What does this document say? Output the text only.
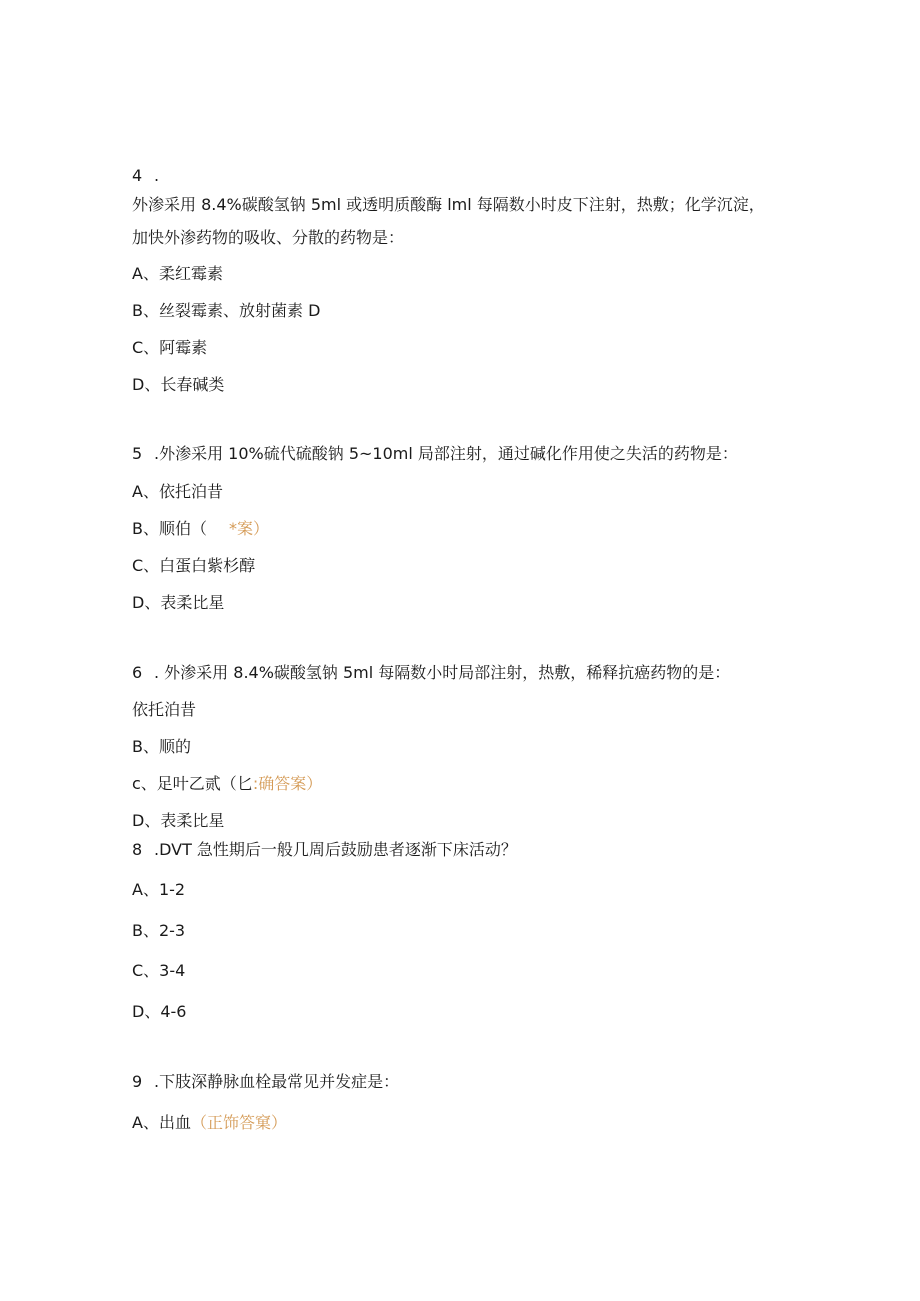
4 .
外渗采用 8.4%碳酸氢钠 5ml 或透明质酸酶 lml 每隔数小时皮下注射，热敷；化学沉淀，
加快外渗药物的吸收、分散的药物是：
A、柔红霉素
B、丝裂霉素、放射菌素 D
C、阿霉素
D、长春碱类
5 .外渗采用 10%硫代硫酸钠 5~10ml 局部注射，通过碱化作用使之失活的药物是：
A、依托泊昔
B、顺伯（ *案）
C、白蛋白紫杉醇
D、表柔比星
6 . 外渗采用 8.4%碳酸氢钠 5ml 每隔数小时局部注射，热敷，稀释抗癌药物的是：
依托泊昔
B、顺的
c、足叶乙贰（匕:确答案）
D、表柔比星
8 .DVT 急性期后一般几周后鼓励患者逐渐下床活动？
A、1-2
B、2-3
C、3-4
D、4-6
9 .下肢深静脉血栓最常见并发症是：
A、出血（正饰答窠）
